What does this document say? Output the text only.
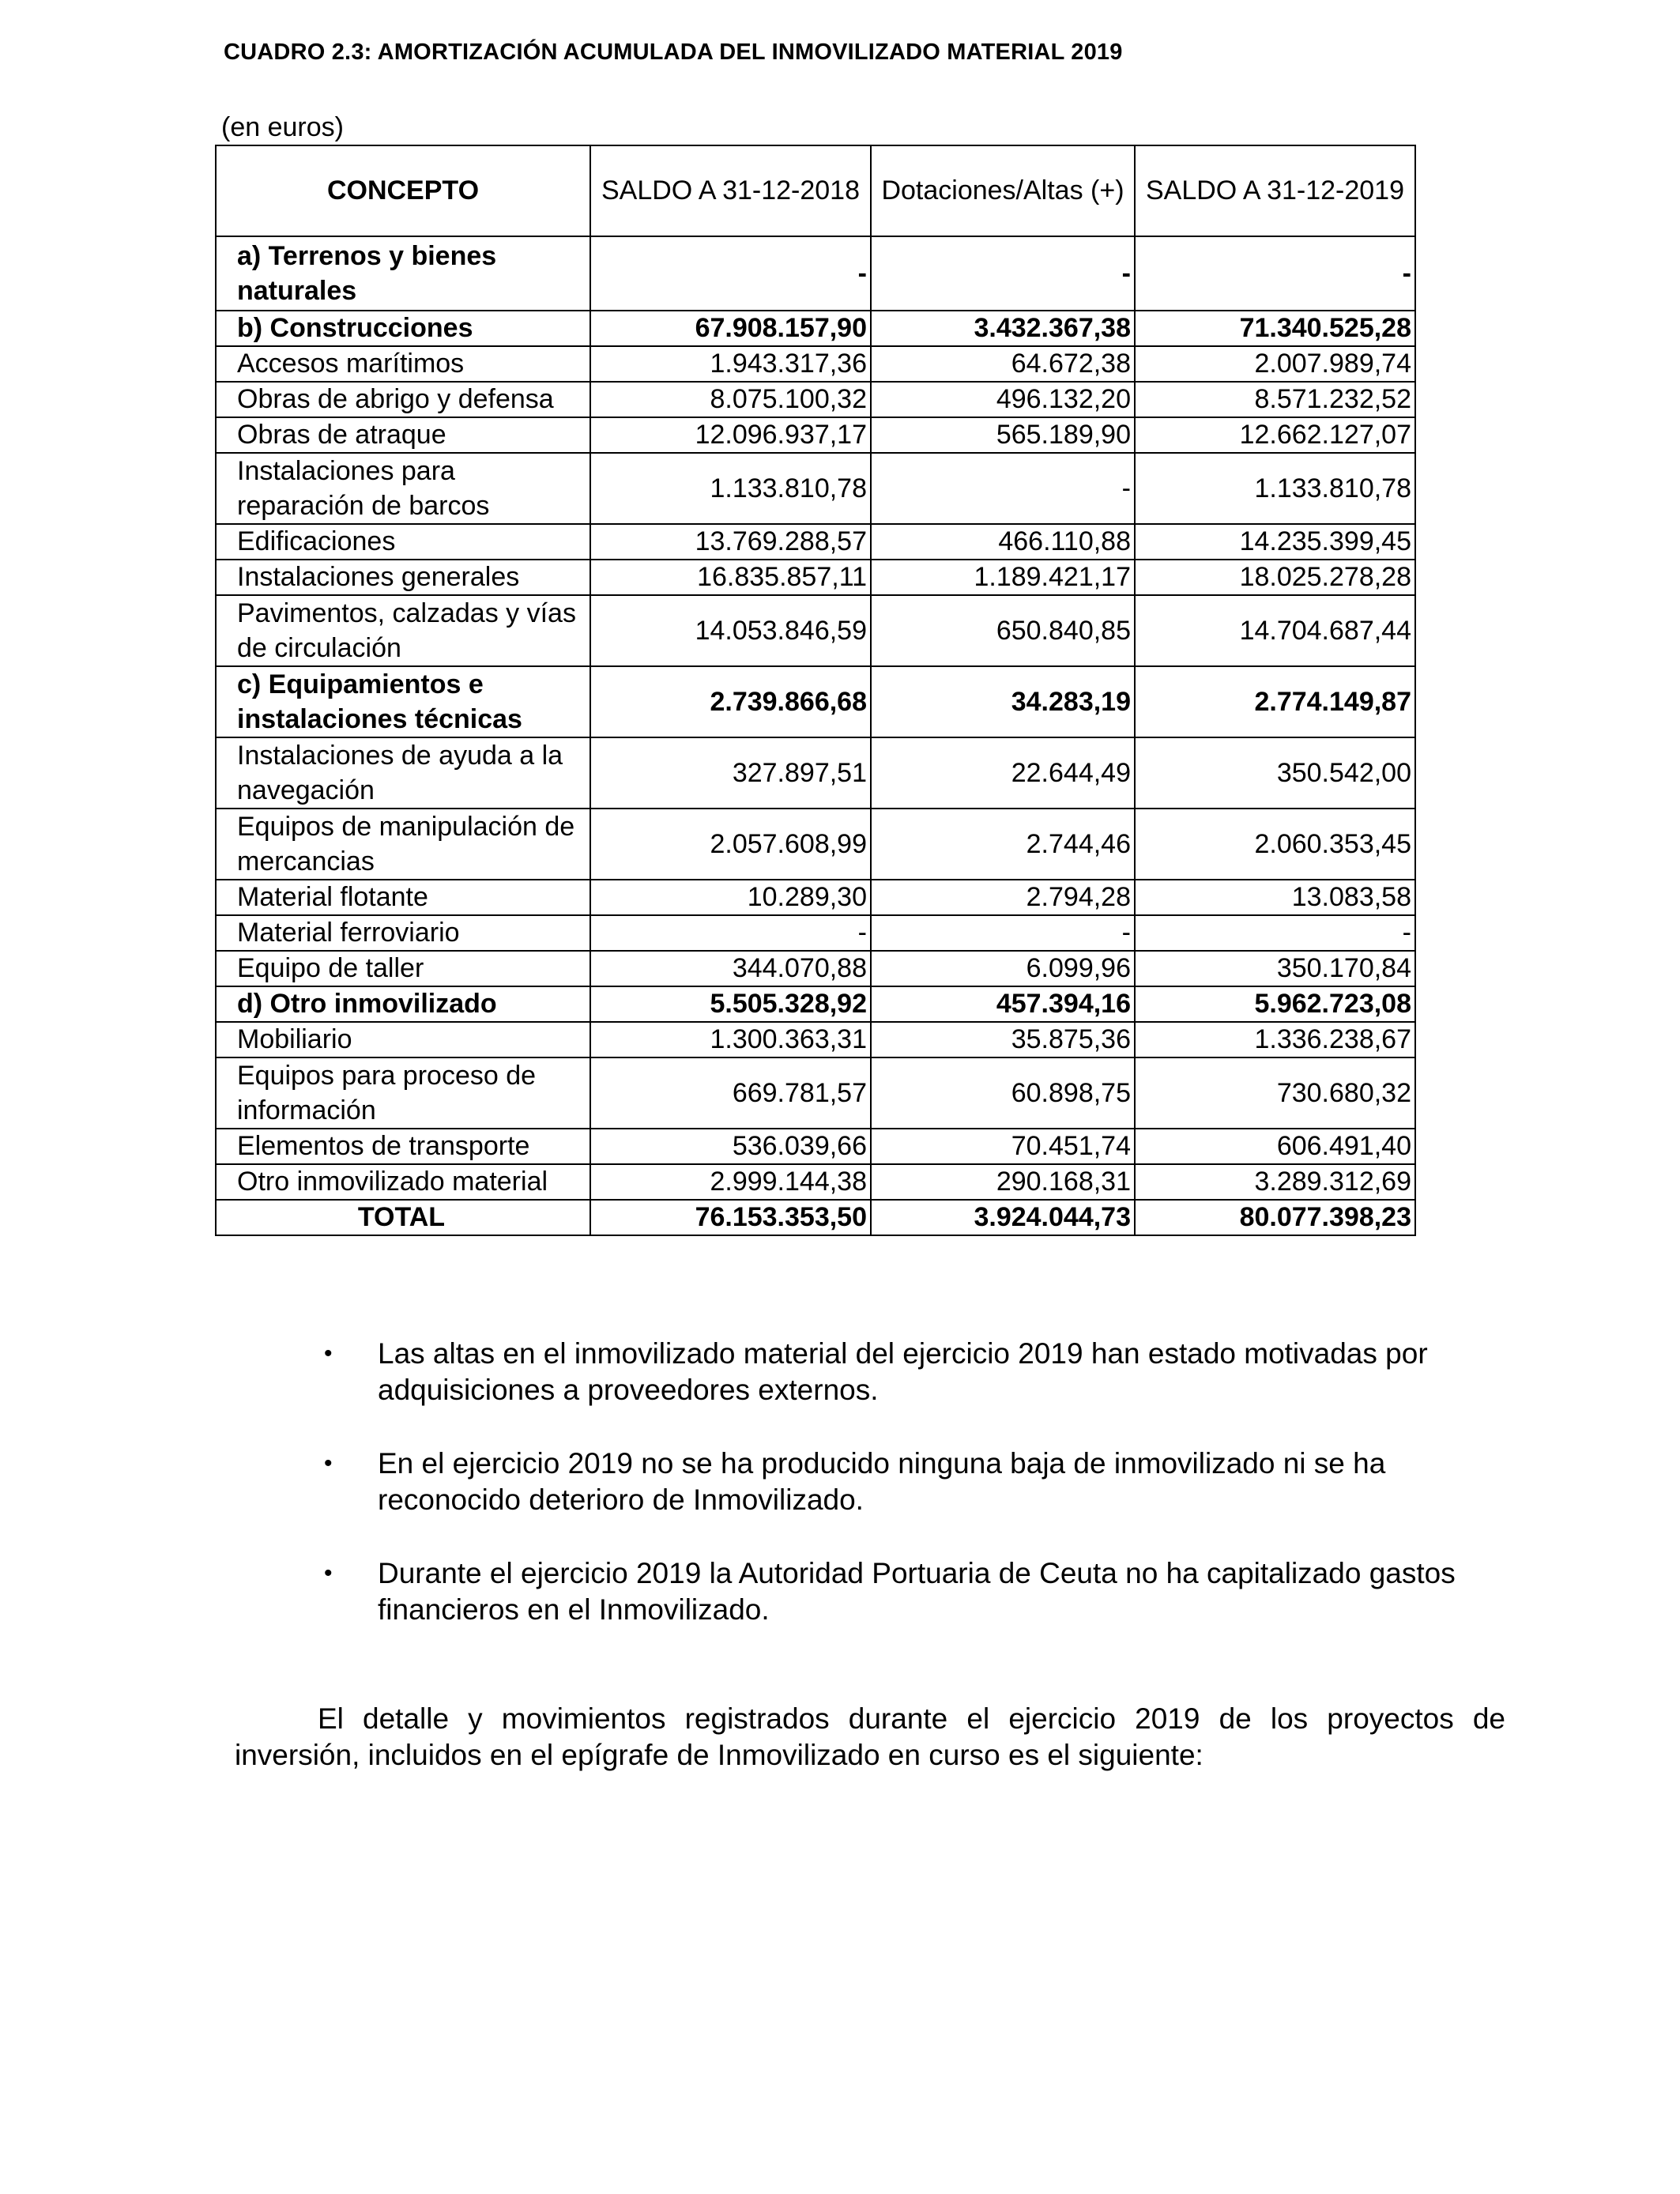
CUADRO 2.3: AMORTIZACIÓN ACUMULADA DEL INMOVILIZADO MATERIAL 2019
(en euros)
CONCEPTO	SALDO A 31-12-2018	Dotaciones/Altas (+)	SALDO A 31-12-2019
a) Terrenos y bienes naturales	-	-	-
b) Construcciones	67.908.157,90	3.432.367,38	71.340.525,28
Accesos marítimos	1.943.317,36	64.672,38	2.007.989,74
Obras de abrigo y defensa	8.075.100,32	496.132,20	8.571.232,52
Obras de atraque	12.096.937,17	565.189,90	12.662.127,07
Instalaciones para reparación de barcos	1.133.810,78	-	1.133.810,78
Edificaciones	13.769.288,57	466.110,88	14.235.399,45
Instalaciones generales	16.835.857,11	1.189.421,17	18.025.278,28
Pavimentos, calzadas y vías de circulación	14.053.846,59	650.840,85	14.704.687,44
c) Equipamientos e instalaciones técnicas	2.739.866,68	34.283,19	2.774.149,87
Instalaciones de ayuda a la navegación	327.897,51	22.644,49	350.542,00
Equipos de manipulación de mercancias	2.057.608,99	2.744,46	2.060.353,45
Material flotante	10.289,30	2.794,28	13.083,58
Material ferroviario	-	-	-
Equipo de taller	344.070,88	6.099,96	350.170,84
d) Otro inmovilizado	5.505.328,92	457.394,16	5.962.723,08
Mobiliario	1.300.363,31	35.875,36	1.336.238,67
Equipos para proceso de información	669.781,57	60.898,75	730.680,32
Elementos de transporte	536.039,66	70.451,74	606.491,40
Otro inmovilizado material	2.999.144,38	290.168,31	3.289.312,69
TOTAL	76.153.353,50	3.924.044,73	80.077.398,23
• Las altas en el inmovilizado material del ejercicio 2019 han estado motivadas por adquisiciones a proveedores externos.
• En el ejercicio 2019 no se ha producido ninguna baja de inmovilizado ni se ha reconocido deterioro de Inmovilizado.
• Durante el ejercicio 2019 la Autoridad Portuaria de Ceuta no ha capitalizado gastos financieros en el Inmovilizado.
El detalle y movimientos registrados durante el ejercicio 2019 de los proyectos de inversión, incluidos en el epígrafe de Inmovilizado en curso es el siguiente:
